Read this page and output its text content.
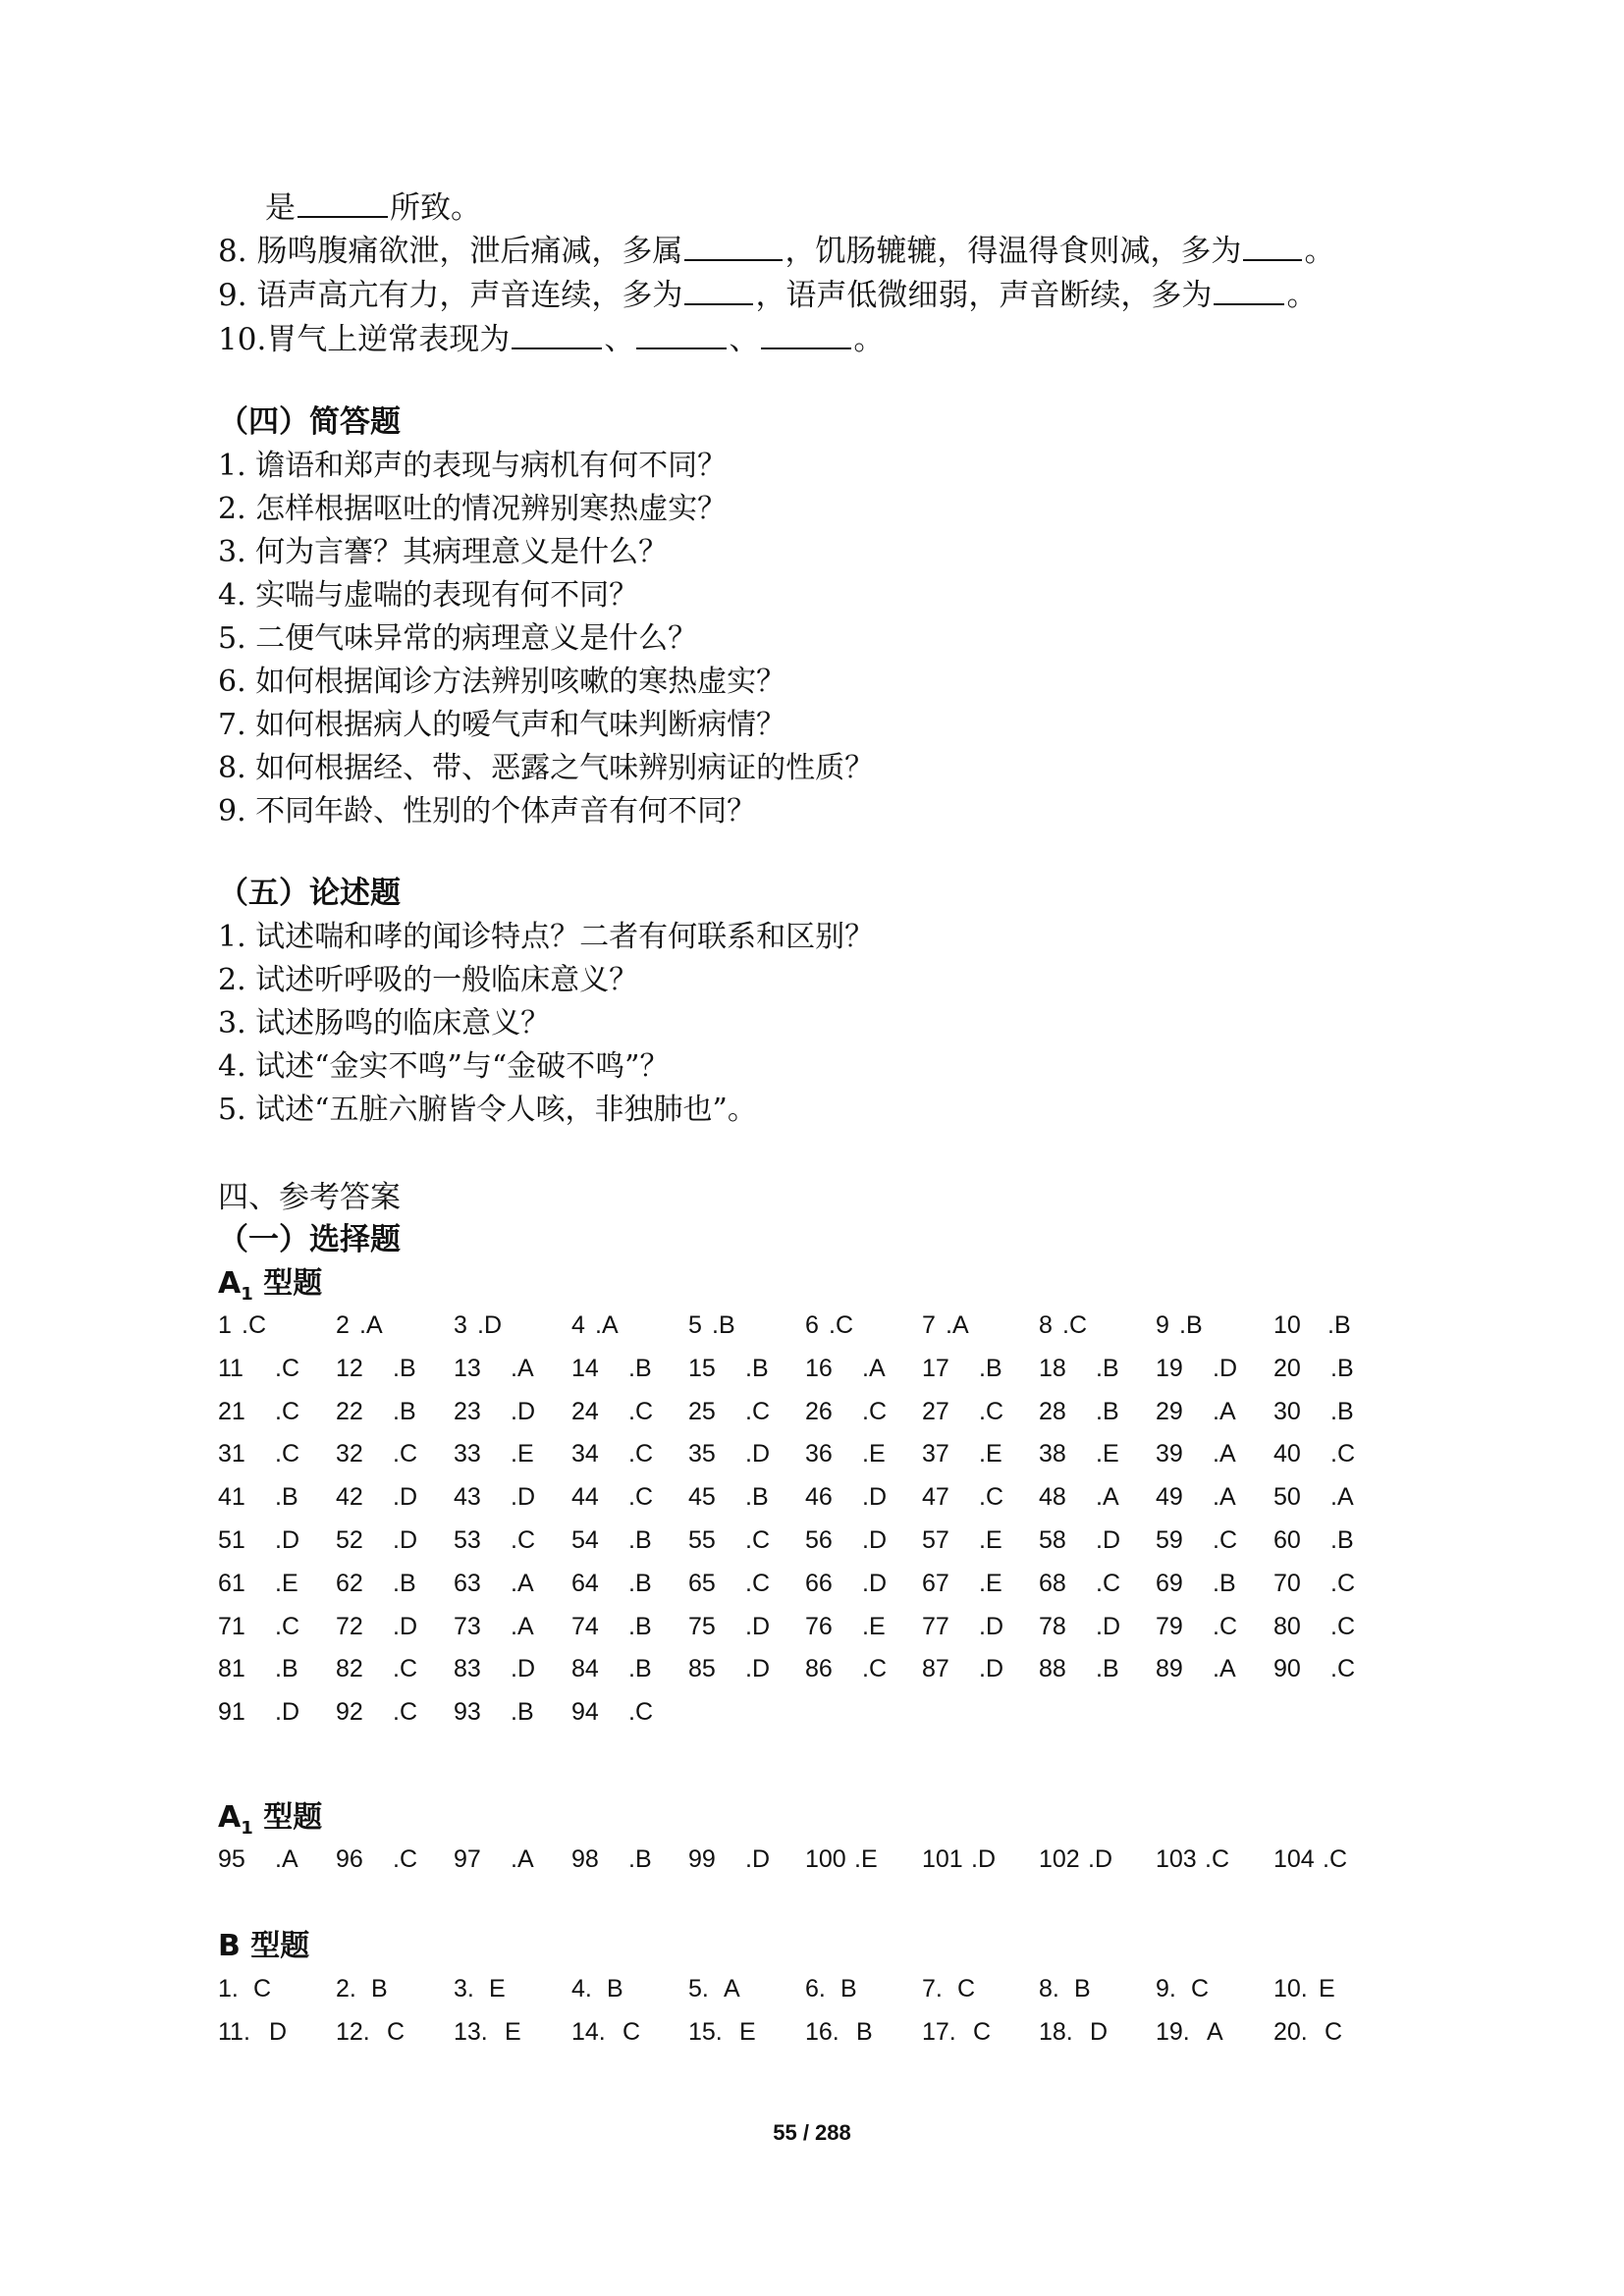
是	所致。
8. 肠鸣腹痛欲泄，泄后痛减，多属	，饥肠辘辘，得温得食则减，多为 。
9. 语声高亢有力，声音连续，多为 ，语声低微细弱，声音断续，多为 。
10.胃气上逆常表现为	、	、	。
（四）简答题
1. 谵语和郑声的表现与病机有何不同？
2. 怎样根据呕吐的情况辨别寒热虚实？
3. 何为言謇？其病理意义是什么？
4. 实喘与虚喘的表现有何不同？
5. 二便气味异常的病理意义是什么？
6. 如何根据闻诊方法辨别咳嗽的寒热虚实？
7. 如何根据病人的嗳气声和气味判断病情？
8. 如何根据经、带、恶露之气味辨别病证的性质？
9. 不同年龄、性别的个体声音有何不同？
（五）论述题
1. 试述喘和哮的闻诊特点？二者有何联系和区别？
2. 试述听呼吸的一般临床意义？
3. 试述肠鸣的临床意义？
4. 试述“金实不鸣”与“金破不鸣”？
5. 试述“五脏六腑皆令人咳，非独肺也”。
四、参考答案
（一）选择题
$A_1$ 型题
1 .C	2 .A	3 .D	4 .A	5 .B	6 .C	7 .A	8 .C	9 .B	10 .B
11 .C 12 .B 13 .A 14 .B 15 .B 16 .A 17 .B 18 .B 19 .D 20 .B
21 .C 22 .B 23 .D 24 .C 25 .C 26 .C 27 .C 28 .B 29 .A 30 .B
31 .C 32 .C 33 .E 34 .C 35 .D 36 .E 37 .E 38 .E 39 .A 40 .C
41 .B 42 .D 43 .D 44 .C 45 .B 46 .D 47 .C 48 .A 49 .A 50 .A
51 .D 52 .D 53 .C 54 .B 55 .C 56 .D 57 .E 58 .D 59 .C 60 .B
61 .E 62 .B 63 .A 64 .B 65 .C 66 .D 67 .E 68 .C 69 .B 70 .C
71 .C 72 .D 73 .A 74 .B 75 .D 76 .E 77 .D 78 .D 79 .C 80 .C
81 .B 82 .C 83 .D 84 .B 85 .D 86 .C 87 .D 88 .B 89 .A 90 .C
91 .D 92 .C 93 .B 94 .C
$A_1$ 型题
95 .A 96 .C 97 .A 98 .B 99 .D 100 .E 101 .D 102 .D 103 .C 104 .C
B 型题
1. C	2. B	3. E	4. B	5. A	6. B	7. C	8. B	9. C	10. E
11. D 12. C 13. E 14. C 15. E 16. B 17. C 18. D 19. A 20. C
55 / 288
